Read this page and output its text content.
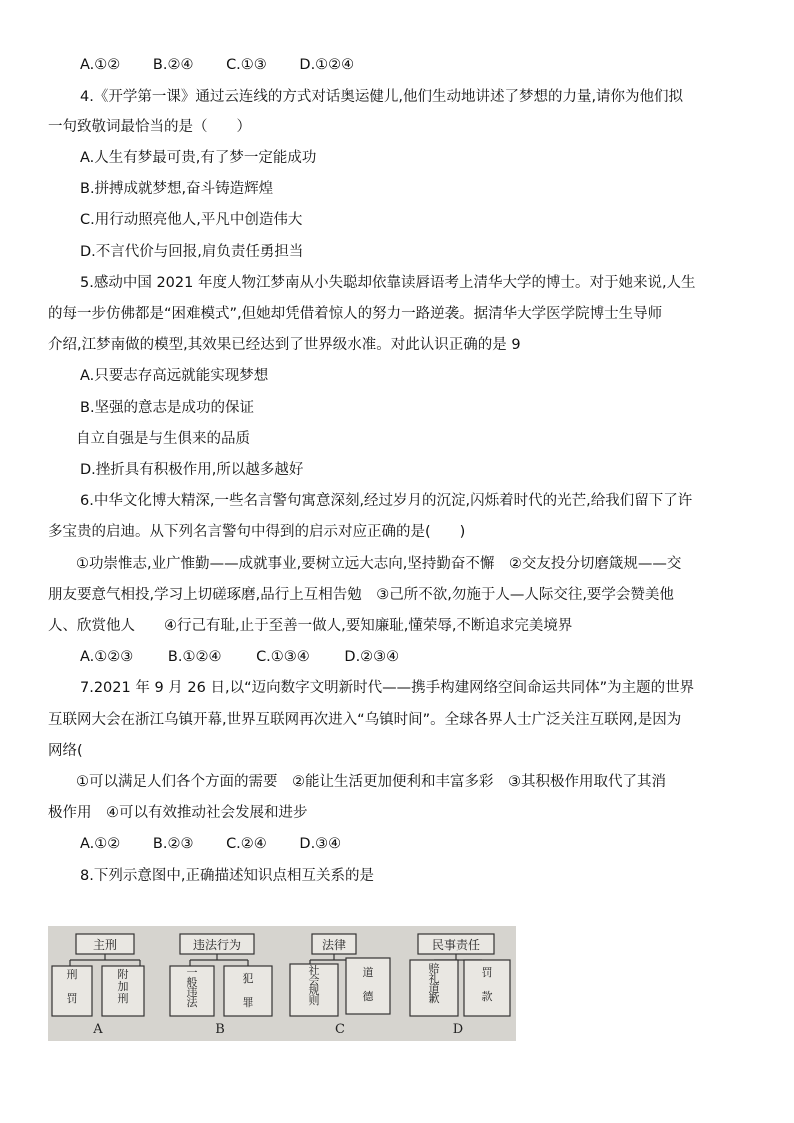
A.①② B.②④ C.①③ D.①②④
4.《开学第一课》通过云连线的方式对话奥运健儿,他们生动地讲述了梦想的力量,请你为他们拟
一句致敬词最恰当的是（　　）
A.人生有梦最可贵,有了梦一定能成功
B.拼搏成就梦想,奋斗铸造辉煌
C.用行动照亮他人,平凡中创造伟大
D.不言代价与回报,肩负责任勇担当
5.感动中国 2021 年度人物江梦南从小失聪却依靠读唇语考上清华大学的博士。对于她来说,人生
的每一步仿佛都是“困难模式”,但她却凭借着惊人的努力一路逆袭。据清华大学医学院博士生导师
介绍,江梦南做的模型,其效果已经达到了世界级水准。对此认识正确的是 9
A.只要志存高远就能实现梦想
B.坚强的意志是成功的保证
自立自强是与生俱来的品质
D.挫折具有积极作用,所以越多越好
6.中华文化博大精深,一些名言警句寓意深刻,经过岁月的沉淀,闪烁着时代的光芒,给我们留下了许
多宝贵的启迪。从下列名言警句中得到的启示对应正确的是(　　)
①功崇惟志,业广惟勤——成就事业,要树立远大志向,坚持勤奋不懈　②交友投分切磨箴规——交
朋友要意气相投,学习上切磋琢磨,品行上互相告勉　③己所不欲,勿施于人—人际交往,要学会赞美他
人、欣赏他人　　④行己有耻,止于至善一做人,要知廉耻,懂荣辱,不断追求完美境界
A.①②③ B.①②④ C.①③④ D.②③④
7.2021 年 9 月 26 日,以“迈向数字文明新时代——携手构建网络空间命运共同体”为主题的世界
互联网大会在浙江乌镇开幕,世界互联网再次进入“乌镇时间”。全球各界人士广泛关注互联网,是因为
网络(
①可以满足人们各个方面的需要　②能让生活更加便利和丰富多彩　③其积极作用取代了其消
极作用　④可以有效推动社会发展和进步
A.①② B.②③ C.②④ D.③④
8.下列示意图中,正确描述知识点相互关系的是
主刑	违法行为	法律	民事责任
刑罚
附加刑
一般违法
犯罪
社会规则
道德
赔礼道歉
罚款
A	B	C	D
